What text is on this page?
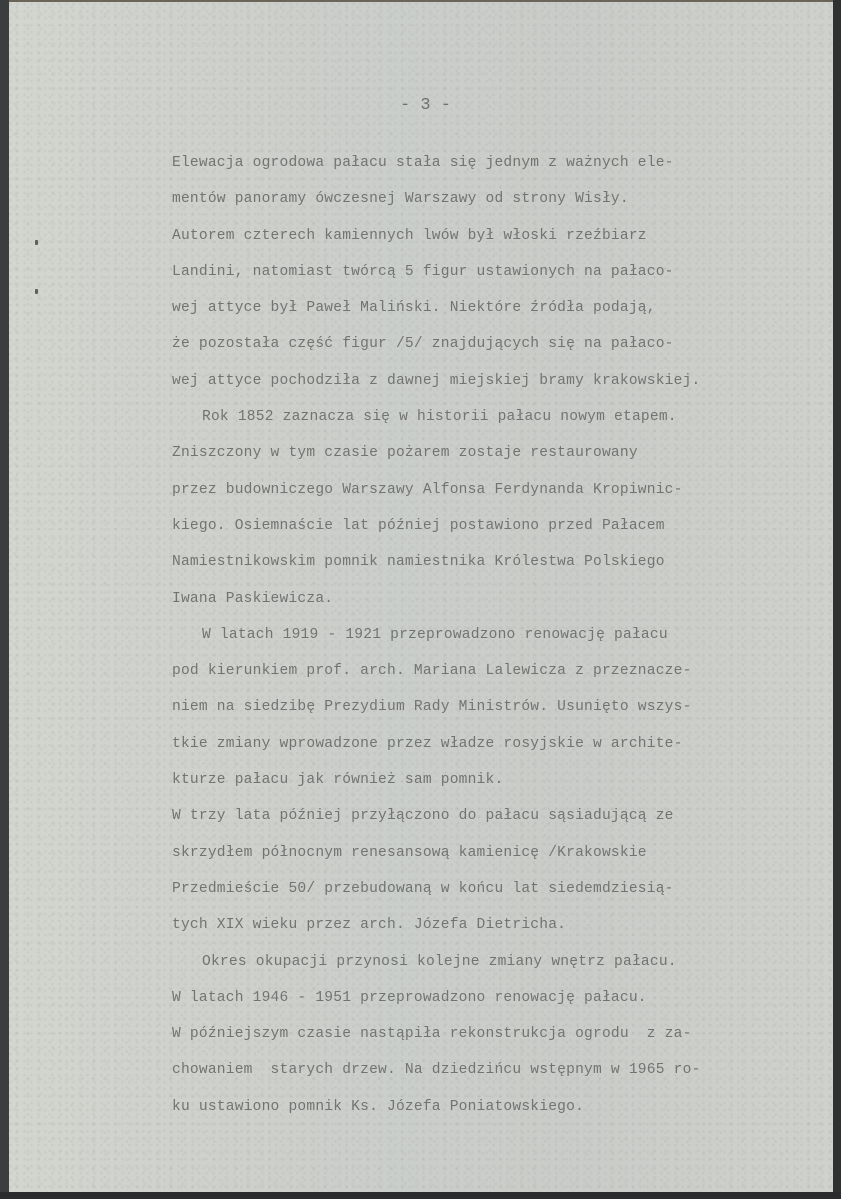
- 3 -
Elewacja ogrodowa pałacu stała się jednym z ważnych ele-
mentów panoramy ówczesnej Warszawy od strony Wisły.
Autorem czterech kamiennych lwów był włoski rzeźbiarz
Landini, natomiast twórcą 5 figur ustawionych na pałaco-
wej attyce był Paweł Maliński. Niektóre źródła podają,
że pozostała część figur /5/ znajdujących się na pałaco-
wej attyce pochodziła z dawnej miejskiej bramy krakowskiej.
Rok 1852 zaznacza się w historii pałacu nowym etapem.
Zniszczony w tym czasie pożarem zostaje restaurowany
przez budowniczego Warszawy Alfonsa Ferdynanda Kropiwnic-
kiego. Osiemnaście lat później postawiono przed Pałacem
Namiestnikowskim pomnik namiestnika Królestwa Polskiego
Iwana Paskiewicza.
W latach 1919 - 1921 przeprowadzono renowację pałacu
pod kierunkiem prof. arch. Mariana Lalewicza z przeznacze-
niem na siedzibę Prezydium Rady Ministrów. Usunięto wszys-
tkie zmiany wprowadzone przez władze rosyjskie w archite-
kturze pałacu jak również sam pomnik.
W trzy lata później przyłączono do pałacu sąsiadującą ze
skrzydłem północnym renesansową kamienicę /Krakowskie
Przedmieście 50/ przebudowaną w końcu lat siedemdziesią-
tych XIX wieku przez arch. Józefa Dietricha.
Okres okupacji przynosi kolejne zmiany wnętrz pałacu.
W latach 1946 - 1951 przeprowadzono renowację pałacu.
W późniejszym czasie nastąpiła rekonstrukcja ogrodu  z za-
chowaniem  starych drzew. Na dziedzińcu wstępnym w 1965 ro-
ku ustawiono pomnik Ks. Józefa Poniatowskiego.
